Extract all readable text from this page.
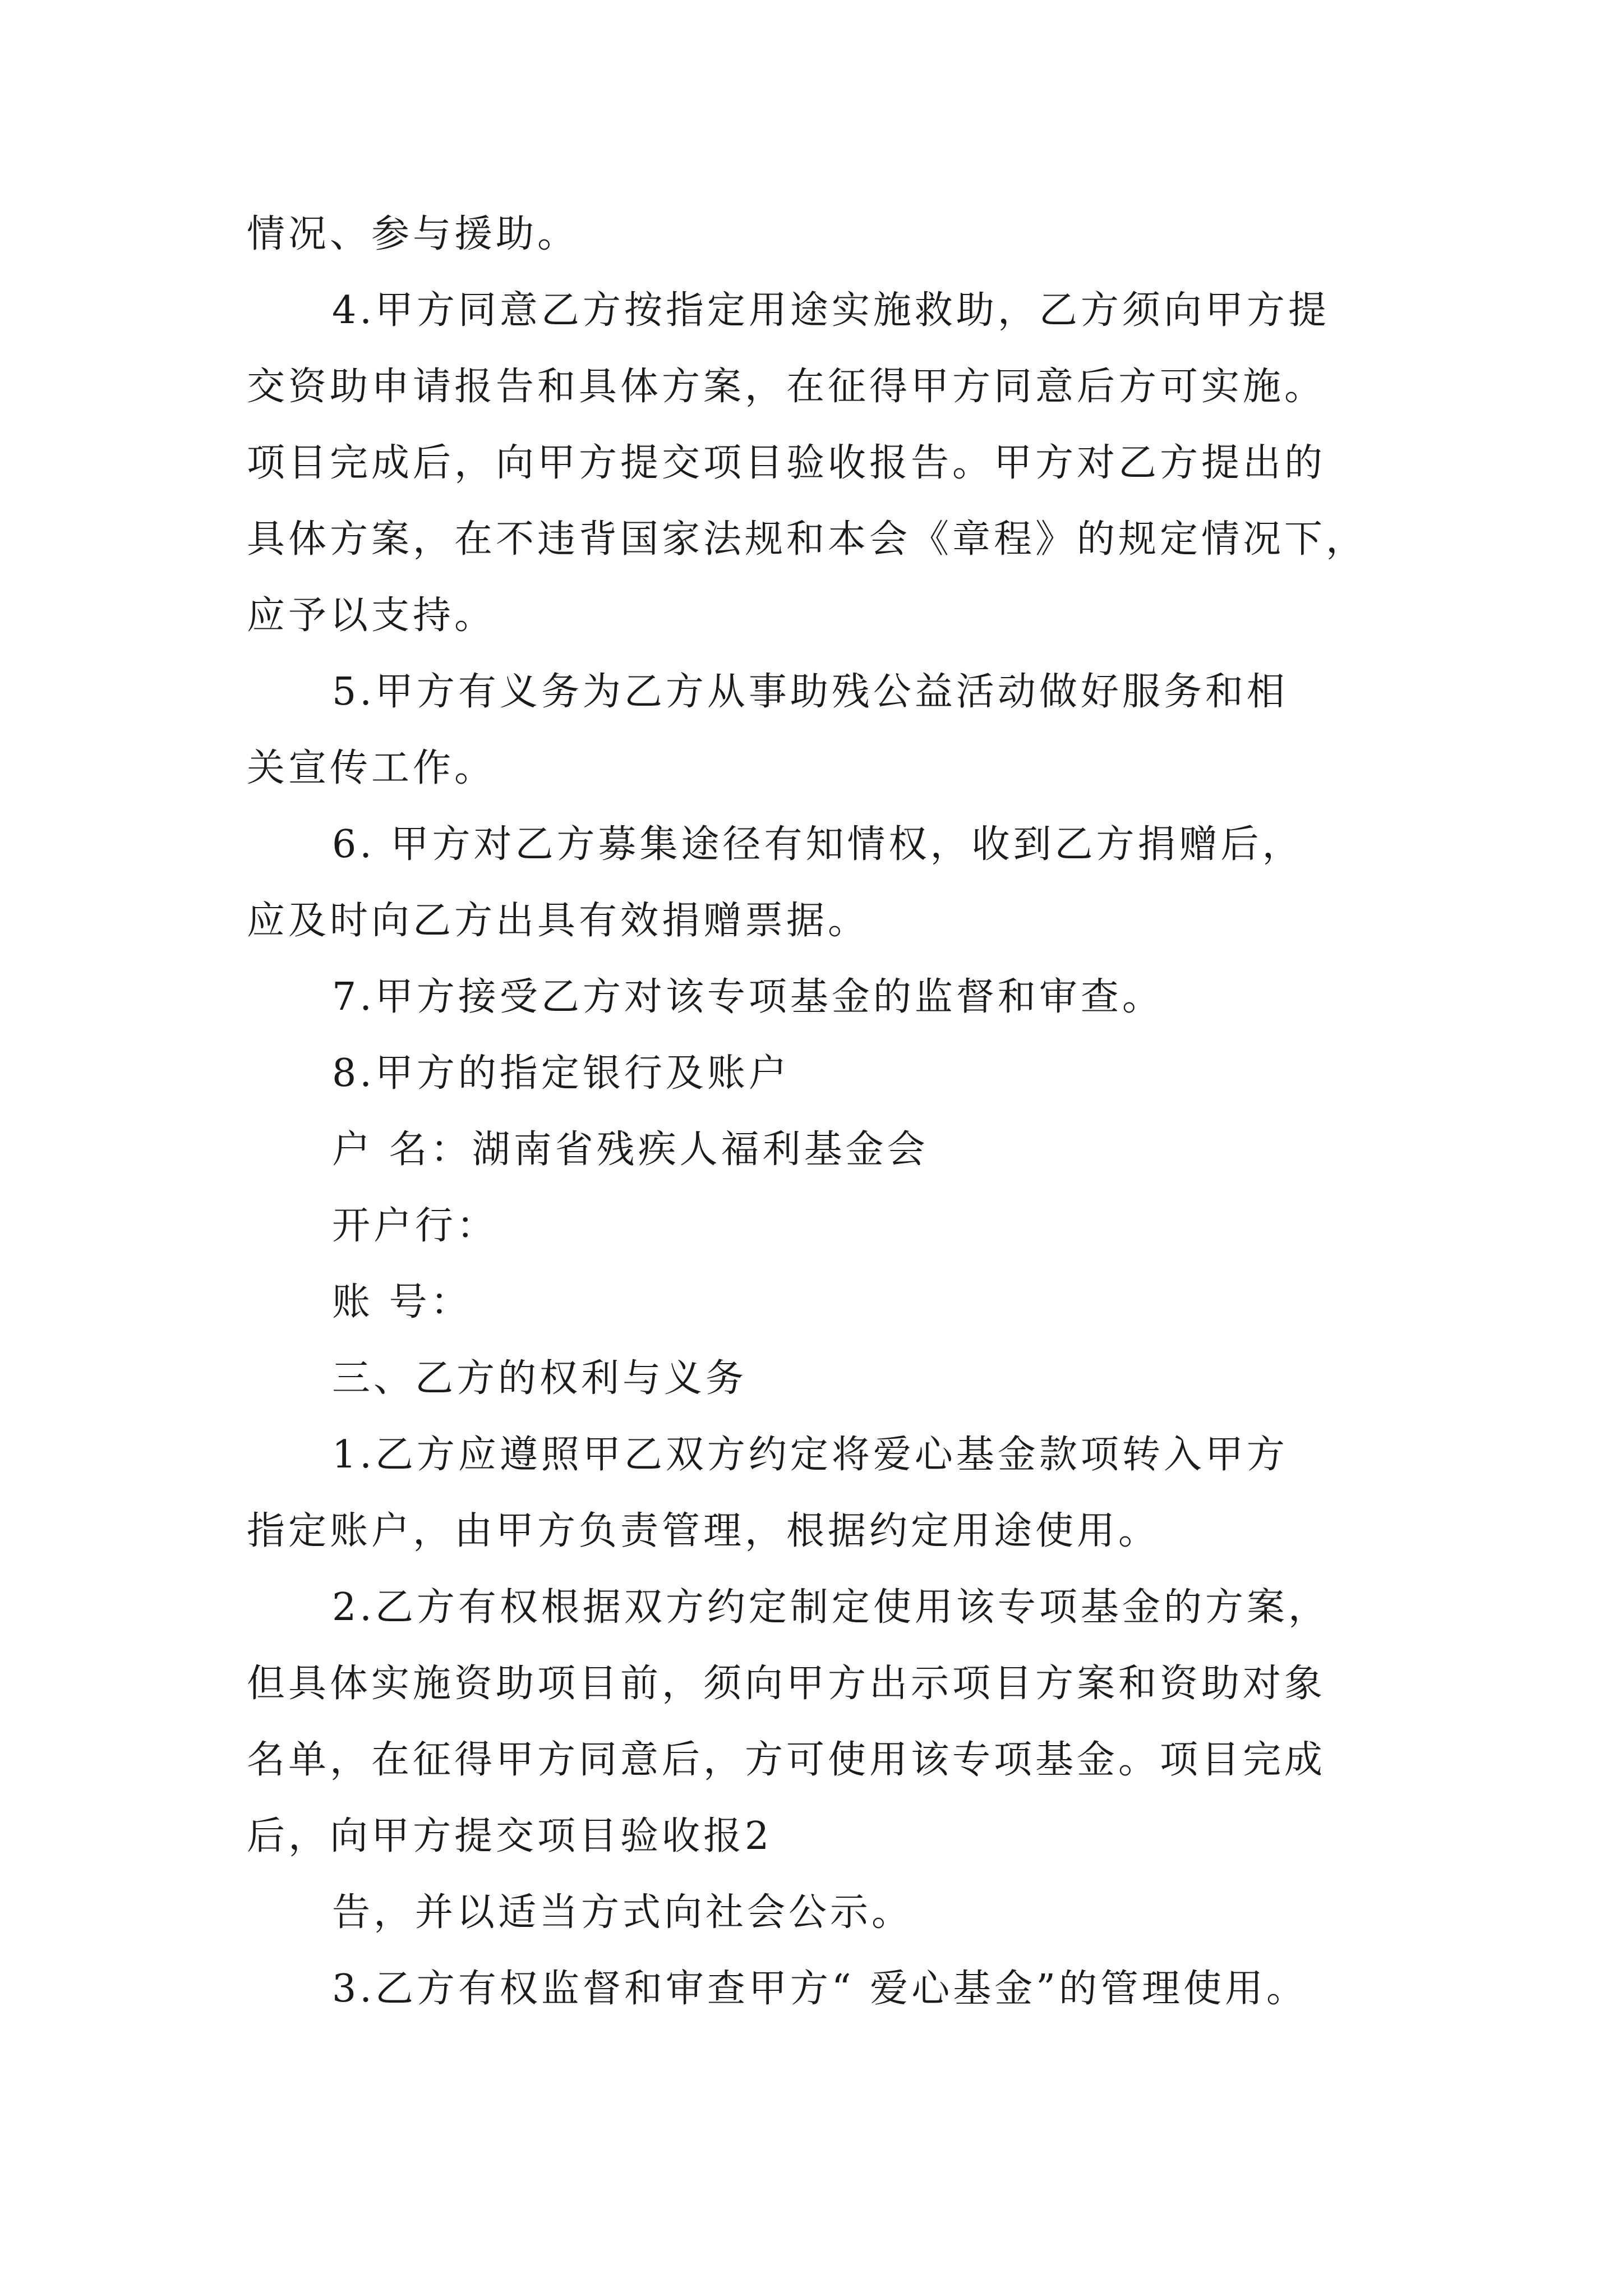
情况、参与援助。
4.甲方同意乙方按指定用途实施救助，乙方须向甲方提
交资助申请报告和具体方案，在征得甲方同意后方可实施。
项目完成后，向甲方提交项目验收报告。甲方对乙方提出的
具体方案，在不违背国家法规和本会《章程》的规定情况下，
应予以支持。
5.甲方有义务为乙方从事助残公益活动做好服务和相
关宣传工作。
6. 甲方对乙方募集途径有知情权，收到乙方捐赠后，
应及时向乙方出具有效捐赠票据。
7.甲方接受乙方对该专项基金的监督和审查。
8.甲方的指定银行及账户
户 名：湖南省残疾人福利基金会
开户行：
账 号：
三、乙方的权利与义务
1.乙方应遵照甲乙双方约定将爱心基金款项转入甲方
指定账户，由甲方负责管理，根据约定用途使用。
2.乙方有权根据双方约定制定使用该专项基金的方案，
但具体实施资助项目前，须向甲方出示项目方案和资助对象
名单，在征得甲方同意后，方可使用该专项基金。项目完成
后，向甲方提交项目验收报2
告，并以适当方式向社会公示。
3.乙方有权监督和审查甲方“ 爱心基金”的管理使用。
